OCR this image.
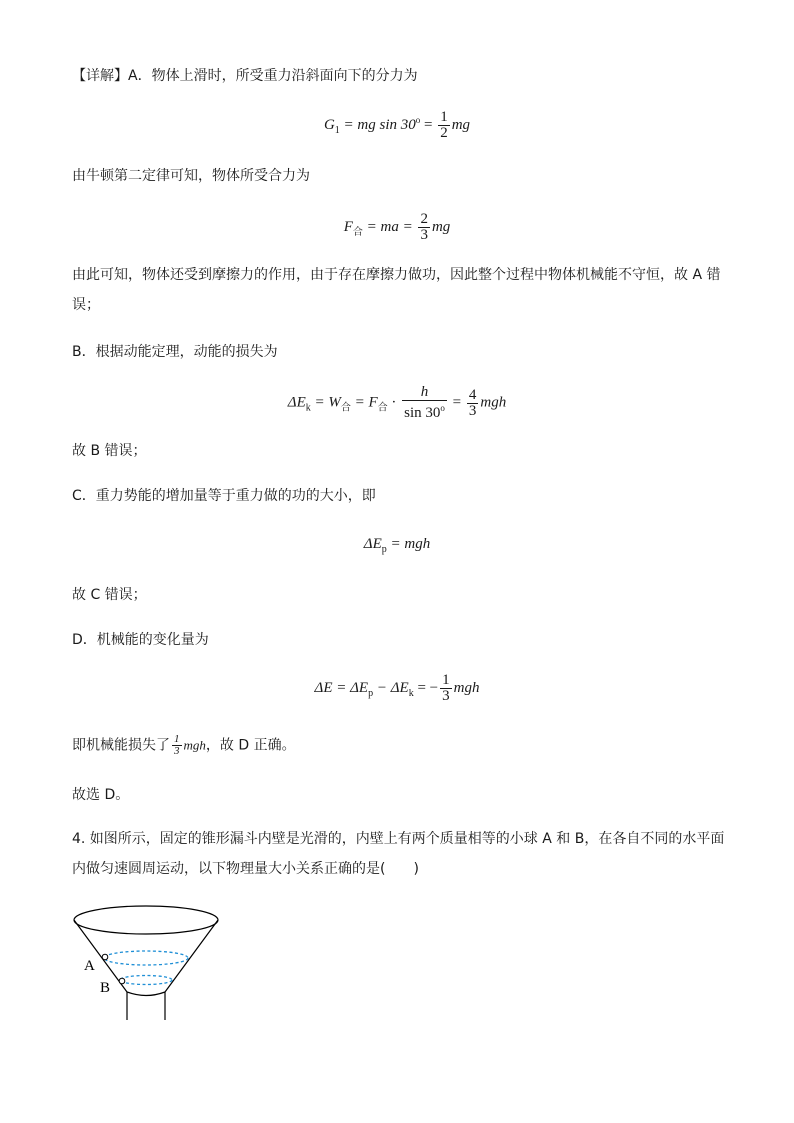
【详解】A．物体上滑时，所受重力沿斜面向下的分力为
$G_1$ = mg $\sin 30^o = \frac{1}{2}$ mg
由牛顿第二定律可知，物体所受合力为
$F_合$ = ma = $\frac{2}{3}$ mg
由此可知，物体还受到摩擦力的作用，由于存在摩擦力做功，因此整个过程中物体机械能不守恒，故 A 错
误；
B．根据动能定理，动能的损失为
$\Delta E_k = W_合 = F_合 \cdot \frac{h}{\sin 30^o} = \frac{4}{3}$ mgh
故 B 错误；
C．重力势能的增加量等于重力做的功的大小，即
$\Delta E_p$ = mgh
故 C 错误；
D．机械能的变化量为
$\Delta E = \Delta E_p - \Delta E_k$ = − $\frac{1}{3}$ mgh
即机械能损失了 $\frac{1}{3}$ mgh，故 D 正确。
故选 D。
4. 如图所示，固定的锥形漏斗内壁是光滑的，内壁上有两个质量相等的小球 A 和 B，在各自不同的水平面
内做匀速圆周运动，以下物理量大小关系正确的是(　　)
A
B
